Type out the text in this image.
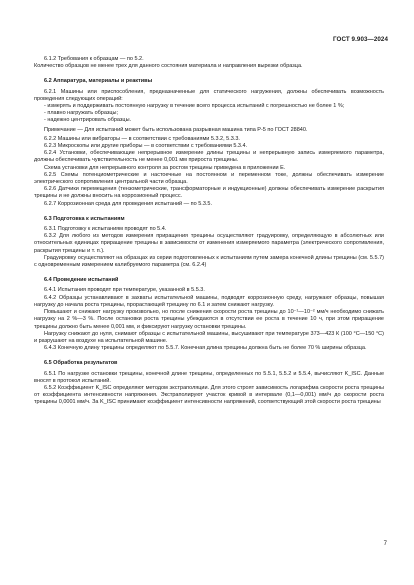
ГОСТ 9.903—2024

6.1.2 Требования к образцам — по 5.2.

Количество образцов не менее трех для данного состояния материала и направления вырезки образца.

6.2 Аппаратура, материалы и реактивы

6.2.1 Машины или приспособления, предназначенные для статического нагружения, должны обеспечивать возможность проведения следующих операций:

- измерять и поддерживать постоянную нагрузку в течение всего процесса испытаний с погрешностью не более 1 %;

- плавно нагружать образцы;

- надежно центрировать образцы.

Примечание — Для испытаний может быть использована разрывная машина типа Р-5 по ГОСТ 28840.

6.2.2 Машины или вибраторы — в соответствии с требованиями 5.3.2, 5.3.3.

6.2.3 Микроскопы или другие приборы — в соответствии с требованиями 5.3.4.

6.2.4 Установки, обеспечивающие непрерывное измерение длины трещины и непрерывную запись измеряемого параметра, должны обеспечивать чувствительность не менее 0,001 мм прироста трещины.

Схема установки для непрерывного контроля за ростом трещины приведена в приложении Е.

6.2.5 Схемы потенциометрические и настоечные на постоянном и переменном токе, должны обеспечивать измерение электрического сопротивления центральной части образца.

6.2.6 Датчики перемещения (тензометрические, трансформаторные и индукционные) должны обеспечивать измерение раскрытия трещины и не должны вносить на коррозионный процесс.

6.2.7 Коррозионная среда для проведения испытаний — по 5.3.5.

6.3 Подготовка к испытаниям

6.3.1 Подготовку к испытаниям проводят по 5.4.

6.3.2 Для любого из методов измерения приращения трещины осуществляют градуировку, определяющую в абсолютных или относительных единицах приращение трещины в зависимости от изменения измеряемого параметра (электрического сопротивления, раскрытия трещины и т. п.).

Градуировку осуществляют на образцах из серии подготовленных к испытаниям путем замера конечной длины трещины (см. 5.5.7) с одновременным измерением калибруемого параметра (см. 6.2.4)

6.4 Проведение испытаний

6.4.1 Испытания проводят при температуре, указанной в 5.5.3.

6.4.2 Образцы устанавливают в захваты испытательной машины, подводят коррозионную среду, нагружают образцы, повышая нагрузку до начала роста трещины, прорастающей трещину по 6.1 и затем снижают нагрузку.

Повышают и снижают нагрузку произвольно, но после снижения скорости роста трещины до 10⁻¹—10⁻² мм/ч необходимо снижать нагрузку на 2 %—3 %. После остановки роста трещины убеждаются в отсутствии ее роста в течение 10 ч, при этом приращение трещины должно быть менее 0,001 мм, и фиксируют нагрузку остановки трещины.

Нагрузку снижают до нуля, снимают образцы с испытательной машины, высушивают при температуре 373—423 К (100 °С—150 °С) и разрушают на воздухе на испытательной машине.

6.4.3 Конечную длину трещины определяют по 5.5.7. Конечная длина трещины должна быть не более 70 % ширины образца.

6.5 Обработка результатов

6.5.1 По нагрузке остановки трещины, конечной длине трещины, определенных по 5.5.1, 5.5.2 и 5.5.4, вычисляют K_ISC. Данные вносят в протокол испытаний.

6.5.2 Коэффициент K_ISC определяют методом экстраполяции. Для этого строят зависимость логарифма скорости роста трещины от коэффициента интенсивности напряжения. Экстраполируют участок кривой в интервале (0,1—0,001) мм/ч до скорости роста трещины 0,0001 мм/ч. За K_ISC принимают коэффициент интенсивности напряжений, соответствующий этой скорости роста трещины

7
